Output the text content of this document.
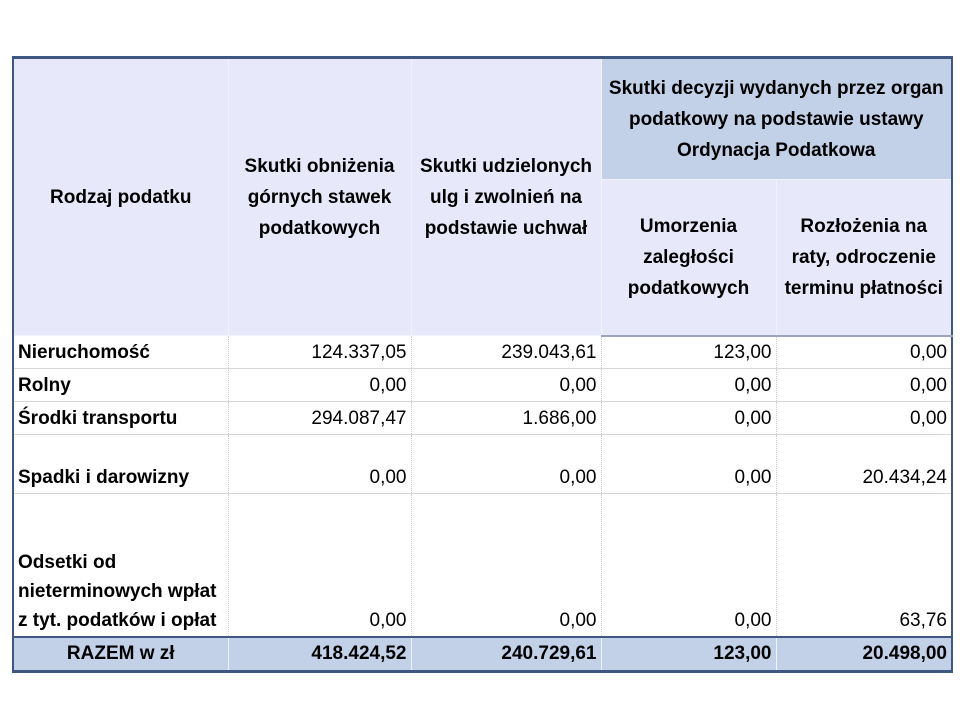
Rodzaj podatku	Skutki obniżenia górnych stawek podatkowych	Skutki udzielonych ulg i zwolnień na podstawie uchwał	Skutki decyzji wydanych przez organ podatkowy na podstawie ustawy Ordynacja Podatkowa	
			Umorzenia zaległości podatkowych	Rozłożenia na raty, odroczenie terminu płatności
Nieruchomość	124.337,05	239.043,61	123,00	0,00
Rolny	0,00	0,00	0,00	0,00
Środki transportu	294.087,47	1.686,00	0,00	0,00
Spadki i darowizny	0,00	0,00	0,00	20.434,24
Odsetki od nieterminowych wpłat z tyt. podatków i opłat	0,00	0,00	0,00	63,76
RAZEM w zł	418.424,52	240.729,61	123,00	20.498,00
